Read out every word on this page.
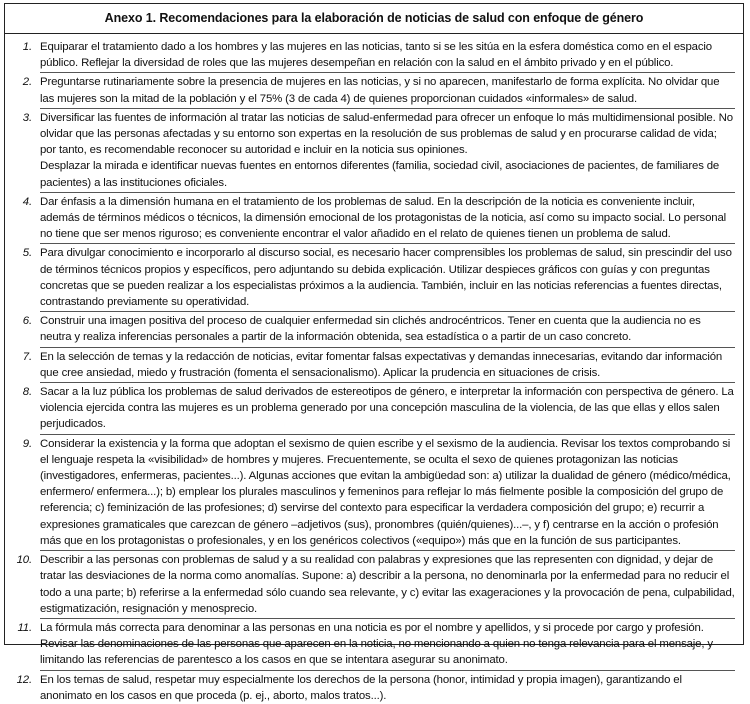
Anexo 1. Recomendaciones para la elaboración de noticias de salud con enfoque de género
1. Equiparar el tratamiento dado a los hombres y las mujeres en las noticias, tanto si se les sitúa en la esfera doméstica como en el espacio público. Reflejar la diversidad de roles que las mujeres desempeñan en relación con la salud en el ámbito privado y en el público.
2. Preguntarse rutinariamente sobre la presencia de mujeres en las noticias, y si no aparecen, manifestarlo de forma explícita. No olvidar que las mujeres son la mitad de la población y el 75% (3 de cada 4) de quienes proporcionan cuidados «informales» de salud.
3. Diversificar las fuentes de información al tratar las noticias de salud-enfermedad para ofrecer un enfoque lo más multidimensional posible. No olvidar que las personas afectadas y su entorno son expertas en la resolución de sus problemas de salud y en procurarse calidad de vida; por tanto, es recomendable reconocer su autoridad e incluir en la noticia sus opiniones.
Desplazar la mirada e identificar nuevas fuentes en entornos diferentes (familia, sociedad civil, asociaciones de pacientes, de familiares de pacientes) a las instituciones oficiales.
4. Dar énfasis a la dimensión humana en el tratamiento de los problemas de salud. En la descripción de la noticia es conveniente incluir, además de términos médicos o técnicos, la dimensión emocional de los protagonistas de la noticia, así como su impacto social. Lo personal no tiene que ser menos riguroso; es conveniente encontrar el valor añadido en el relato de quienes tienen un problema de salud.
5. Para divulgar conocimiento e incorporarlo al discurso social, es necesario hacer comprensibles los problemas de salud, sin prescindir del uso de términos técnicos propios y específicos, pero adjuntando su debida explicación. Utilizar despieces gráficos con guías y con preguntas concretas que se pueden realizar a los especialistas próximos a la audiencia. También, incluir en las noticias referencias a fuentes directas, contrastando previamente su operatividad.
6. Construir una imagen positiva del proceso de cualquier enfermedad sin clichés androcéntricos. Tener en cuenta que la audiencia no es neutra y realiza inferencias personales a partir de la información obtenida, sea estadística o a partir de un caso concreto.
7. En la selección de temas y la redacción de noticias, evitar fomentar falsas expectativas y demandas innecesarias, evitando dar información que cree ansiedad, miedo y frustración (fomenta el sensacionalismo). Aplicar la prudencia en situaciones de crisis.
8. Sacar a la luz pública los problemas de salud derivados de estereotipos de género, e interpretar la información con perspectiva de género. La violencia ejercida contra las mujeres es un problema generado por una concepción masculina de la violencia, de las que ellas y ellos salen perjudicados.
9. Considerar la existencia y la forma que adoptan el sexismo de quien escribe y el sexismo de la audiencia. Revisar los textos comprobando si el lenguaje respeta la «visibilidad» de hombres y mujeres. Frecuentemente, se oculta el sexo de quienes protagonizan las noticias (investigadores, enfermeras, pacientes...). Algunas acciones que evitan la ambigüedad son: a) utilizar la dualidad de género (médico/médica, enfermero/ enfermera...); b) emplear los plurales masculinos y femeninos para reflejar lo más fielmente posible la composición del grupo de referencia; c) feminización de las profesiones; d) servirse del contexto para especificar la verdadera composición del grupo; e) recurrir a expresiones gramaticales que carezcan de género –adjetivos (sus), pronombres (quién/quienes)...–, y f) centrarse en la acción o profesión más que en los protagonistas o profesionales, y en los genéricos colectivos («equipo») más que en la función de sus participantes.
10. Describir a las personas con problemas de salud y a su realidad con palabras y expresiones que las representen con dignidad, y dejar de tratar las desviaciones de la norma como anomalías. Supone: a) describir a la persona, no denominarla por la enfermedad para no reducir el todo a una parte; b) referirse a la enfermedad sólo cuando sea relevante, y c) evitar las exageraciones y la provocación de pena, culpabilidad, estigmatización, resignación y menosprecio.
11. La fórmula más correcta para denominar a las personas en una noticia es por el nombre y apellidos, y si procede por cargo y profesión. Revisar las denominaciones de las personas que aparecen en la noticia, no mencionando a quien no tenga relevancia para el mensaje, y limitando las referencias de parentesco a los casos en que se intentara asegurar su anonimato.
12. En los temas de salud, respetar muy especialmente los derechos de la persona (honor, intimidad y propia imagen), garantizando el anonimato en los casos en que proceda (p. ej., aborto, malos tratos...).
